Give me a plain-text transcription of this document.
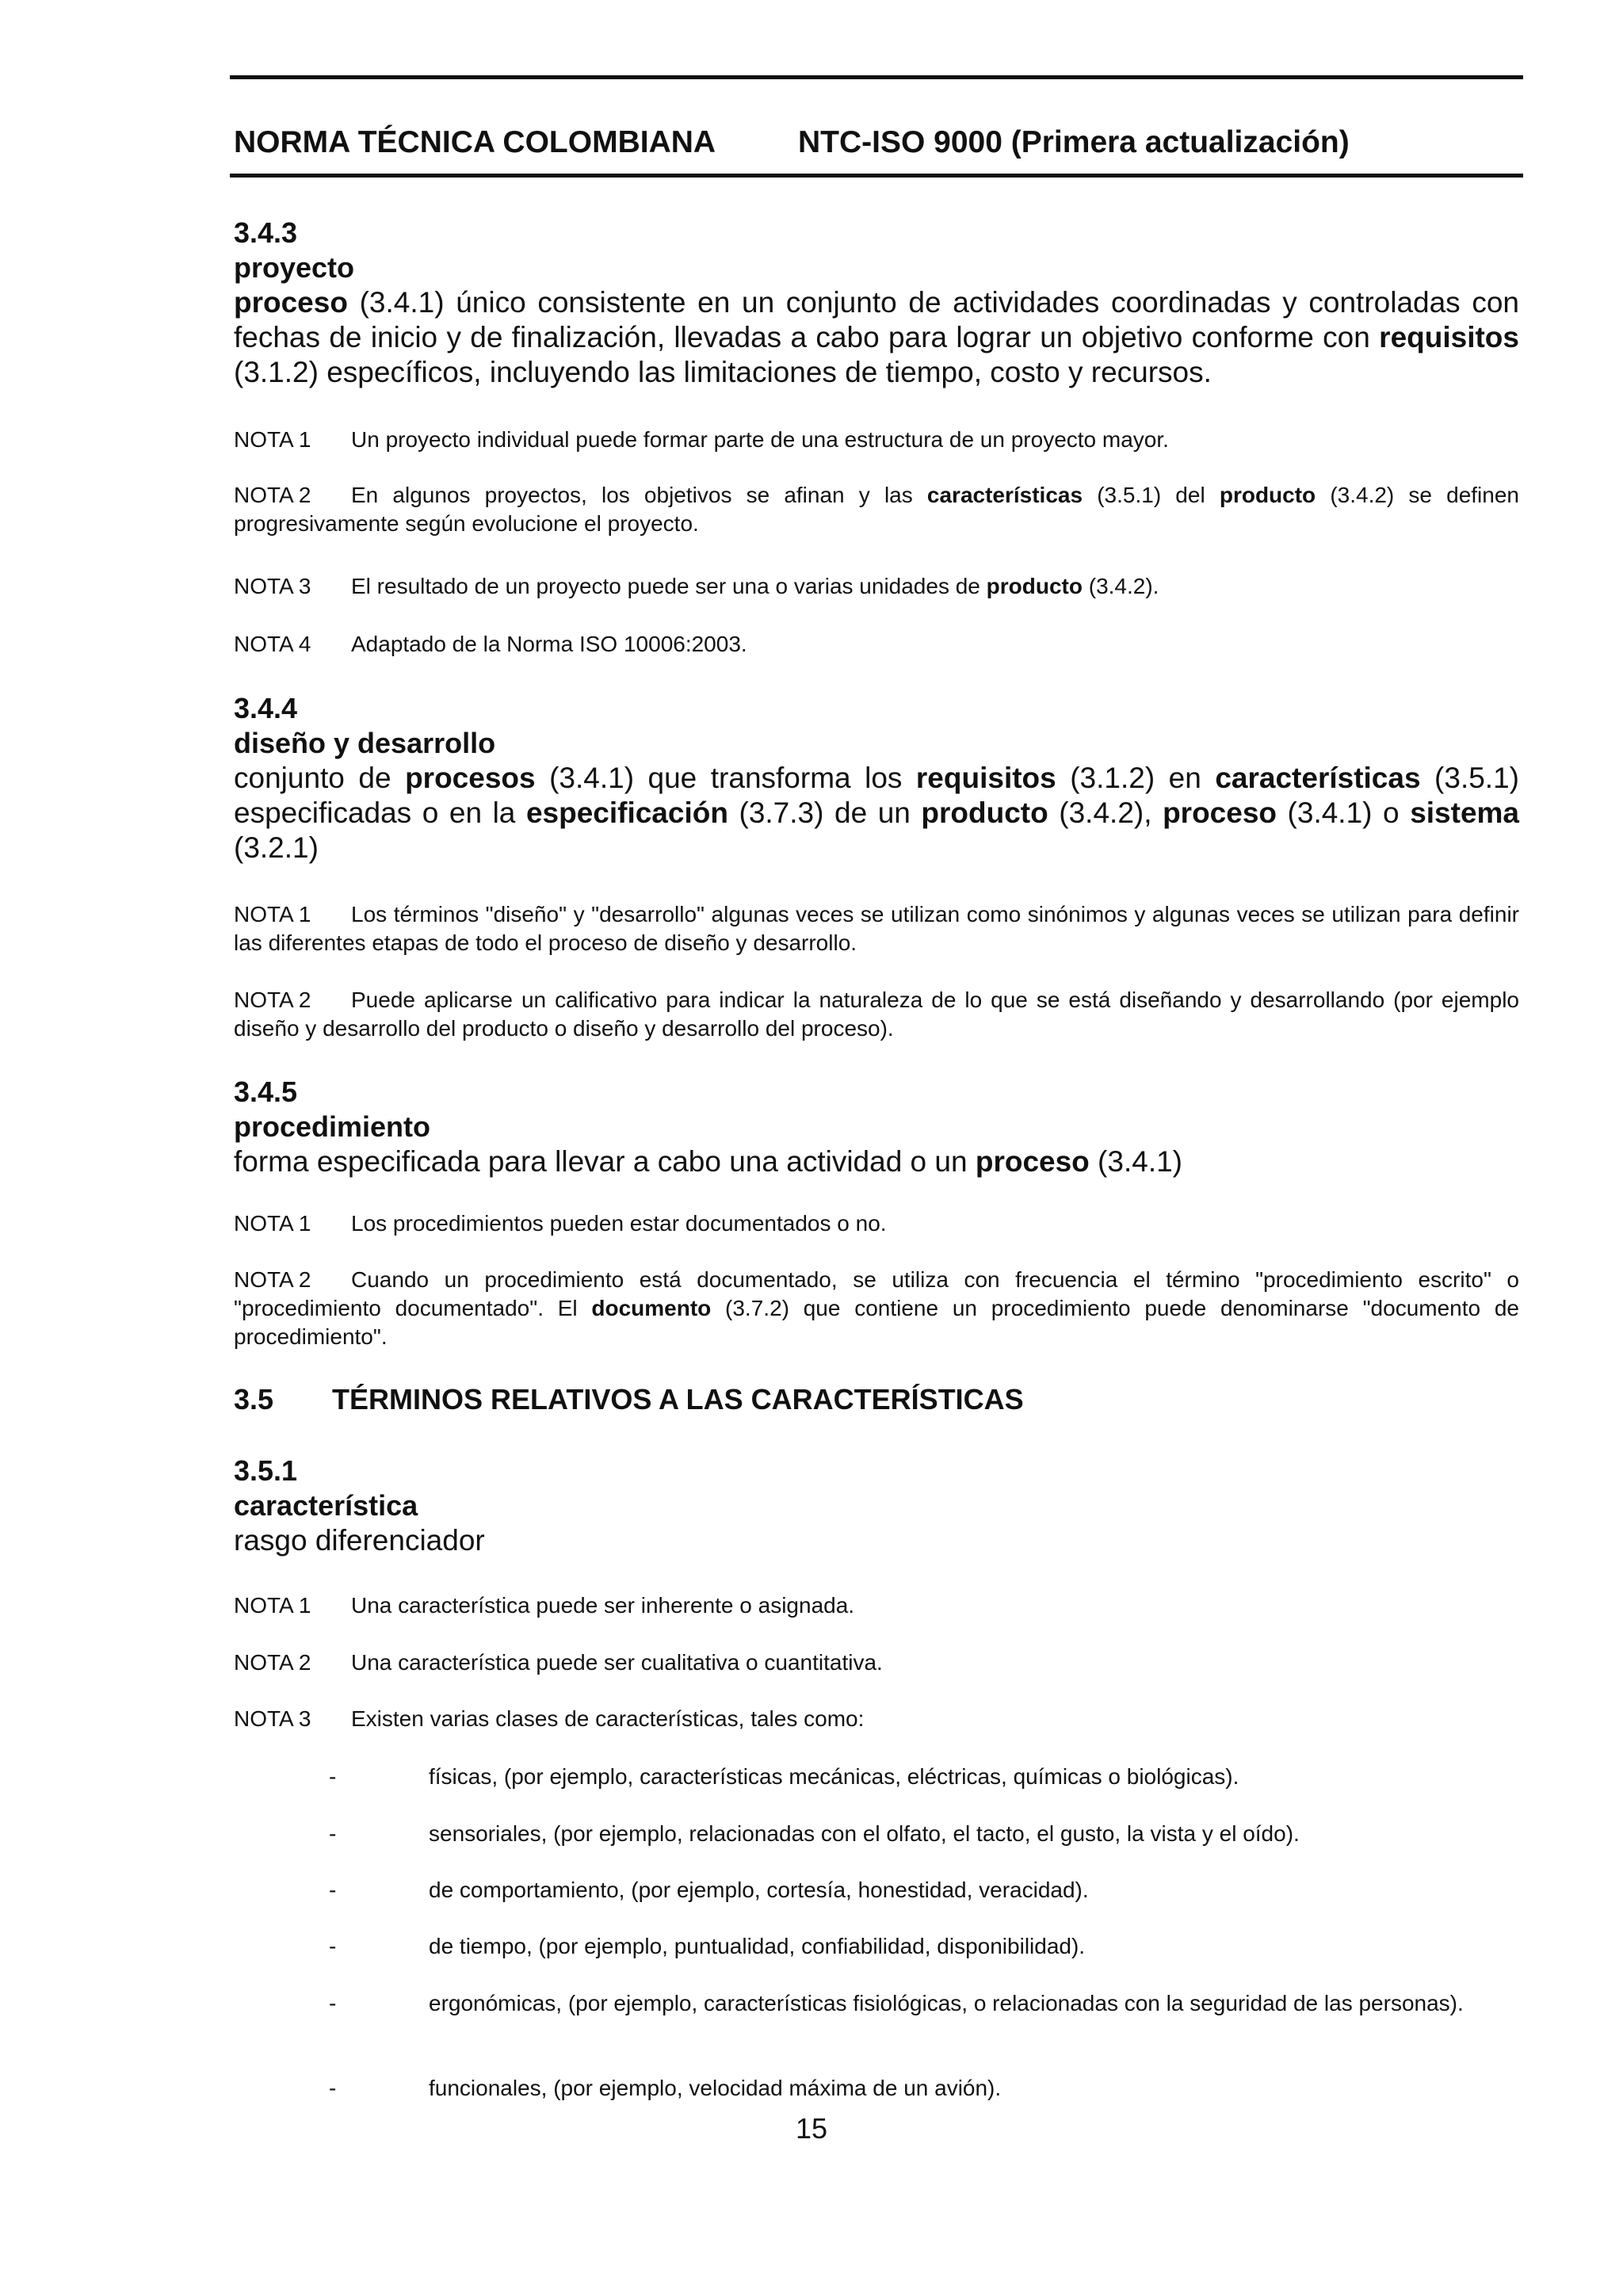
NORMA TÉCNICA COLOMBIANA	NTC-ISO 9000 (Primera actualización)
3.4.3
proyecto
proceso (3.4.1) único consistente en un conjunto de actividades coordinadas y controladas con fechas de inicio y de finalización, llevadas a cabo para lograr un objetivo conforme con requisitos (3.1.2) específicos, incluyendo las limitaciones de tiempo, costo y recursos.
NOTA 1 Un proyecto individual puede formar parte de una estructura de un proyecto mayor.
NOTA 2 En algunos proyectos, los objetivos se afinan y las características (3.5.1) del producto (3.4.2) se definen progresivamente según evolucione el proyecto.
NOTA 3 El resultado de un proyecto puede ser una o varias unidades de producto (3.4.2).
NOTA 4 Adaptado de la Norma ISO 10006:2003.
3.4.4
diseño y desarrollo
conjunto de procesos (3.4.1) que transforma los requisitos (3.1.2) en características (3.5.1) especificadas o en la especificación (3.7.3) de un producto (3.4.2), proceso (3.4.1) o sistema (3.2.1)
NOTA 1 Los términos "diseño" y "desarrollo" algunas veces se utilizan como sinónimos y algunas veces se utilizan para definir las diferentes etapas de todo el proceso de diseño y desarrollo.
NOTA 2 Puede aplicarse un calificativo para indicar la naturaleza de lo que se está diseñando y desarrollando (por ejemplo diseño y desarrollo del producto o diseño y desarrollo del proceso).
3.4.5
procedimiento
forma especificada para llevar a cabo una actividad o un proceso (3.4.1)
NOTA 1 Los procedimientos pueden estar documentados o no.
NOTA 2 Cuando un procedimiento está documentado, se utiliza con frecuencia el término "procedimiento escrito" o "procedimiento documentado". El documento (3.7.2) que contiene un procedimiento puede denominarse "documento de procedimiento".
3.5 TÉRMINOS RELATIVOS A LAS CARACTERÍSTICAS
3.5.1
característica
rasgo diferenciador
NOTA 1 Una característica puede ser inherente o asignada.
NOTA 2 Una característica puede ser cualitativa o cuantitativa.
NOTA 3 Existen varias clases de características, tales como:
-	físicas, (por ejemplo, características mecánicas, eléctricas, químicas o biológicas).
-	sensoriales, (por ejemplo, relacionadas con el olfato, el tacto, el gusto, la vista y el oído).
-	de comportamiento, (por ejemplo, cortesía, honestidad, veracidad).
-	de tiempo, (por ejemplo, puntualidad, confiabilidad, disponibilidad).
-	ergonómicas, (por ejemplo, características fisiológicas, o relacionadas con la seguridad de las personas).
-	funcionales, (por ejemplo, velocidad máxima de un avión).
15
